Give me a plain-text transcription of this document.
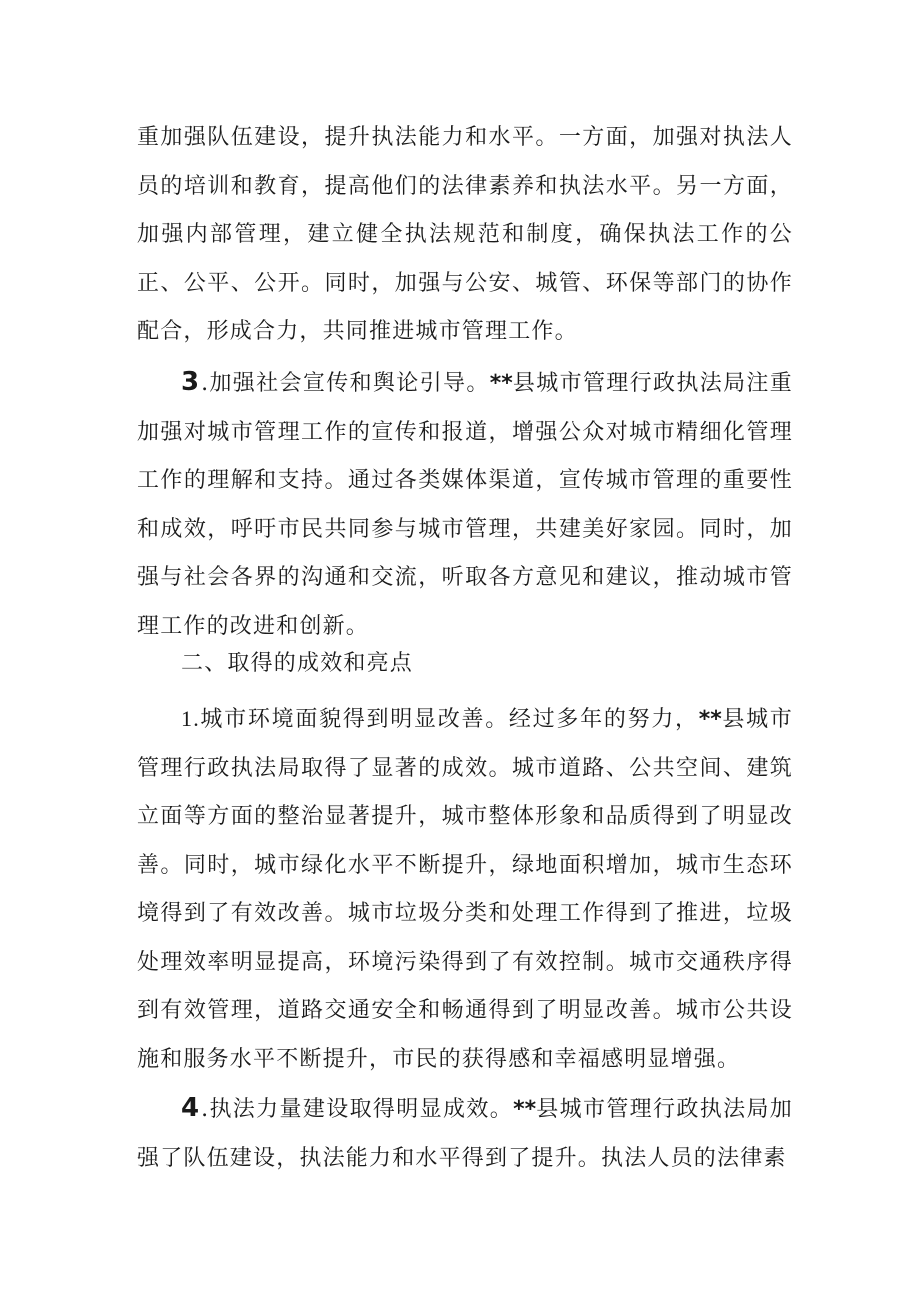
重加强队伍建设，提升执法能力和水平。一方面，加强对执法人员的培训和教育，提高他们的法律素养和执法水平。另一方面，加强内部管理，建立健全执法规范和制度，确保执法工作的公正、公平、公开。同时，加强与公安、城管、环保等部门的协作配合，形成合力，共同推进城市管理工作。

3.加强社会宣传和舆论引导。**县城市管理行政执法局注重加强对城市管理工作的宣传和报道，增强公众对城市精细化管理工作的理解和支持。通过各类媒体渠道，宣传城市管理的重要性和成效，呼吁市民共同参与城市管理，共建美好家园。同时，加强与社会各界的沟通和交流，听取各方意见和建议，推动城市管理工作的改进和创新。

二、取得的成效和亮点

1.城市环境面貌得到明显改善。经过多年的努力，**县城市管理行政执法局取得了显著的成效。城市道路、公共空间、建筑立面等方面的整治显著提升，城市整体形象和品质得到了明显改善。同时，城市绿化水平不断提升，绿地面积增加，城市生态环境得到了有效改善。城市垃圾分类和处理工作得到了推进，垃圾处理效率明显提高，环境污染得到了有效控制。城市交通秩序得到有效管理，道路交通安全和畅通得到了明显改善。城市公共设施和服务水平不断提升，市民的获得感和幸福感明显增强。

4.执法力量建设取得明显成效。**县城市管理行政执法局加强了队伍建设，执法能力和水平得到了提升。执法人员的法律素
